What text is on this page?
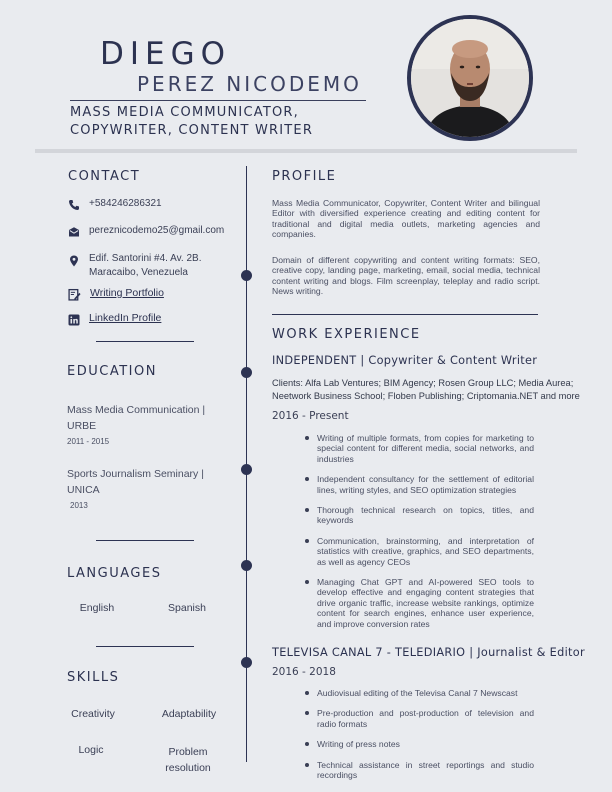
DIEGO
PEREZ NICODEMO
MASS MEDIA COMMUNICATOR,
COPYWRITER, CONTENT WRITER
CONTACT
+584246286321
pereznicodemo25@gmail.com
Edif. Santorini #4. Av. 2B.
Maracaibo, Venezuela
Writing Portfolio
LinkedIn Profile
EDUCATION
Mass Media Communication |
URBE
2011 - 2015
Sports Journalism Seminary |
UNICA
2013
LANGUAGES
English	Spanish
SKILLS
Creativity	Adaptability
Logic	Problem resolution
PROFILE
Mass Media Communicator, Copywriter, Content Writer and bilingual Editor with diversified experience creating and editing content for traditional and digital media outlets, marketing agencies and companies.
Domain of different copywriting and content writing formats: SEO, creative copy, landing page, marketing, email, social media, technical content writing and blogs. Film screenplay, teleplay and radio script. News writing.
WORK EXPERIENCE
INDEPENDENT | Copywriter & Content Writer
Clients: Alfa Lab Ventures; BIM Agency; Rosen Group LLC; Media Aurea; Neetwork Business School; Floben Publishing; Criptomania.NET and more
2016 - Present
Writing of multiple formats, from copies for marketing to special content for different media, social networks, and industries
Independent consultancy for the settlement of editorial lines, writing styles, and SEO optimization strategies
Thorough technical research on topics, titles, and keywords
Communication, brainstorming, and interpretation of statistics with creative, graphics, and SEO departments, as well as agency CEOs
Managing Chat GPT and AI-powered SEO tools to develop effective and engaging content strategies that drive organic traffic, increase website rankings, optimize content for search engines, enhance user experience, and improve conversion rates
TELEVISA CANAL 7 - TELEDIARIO | Journalist & Editor
2016 - 2018
Audiovisual editing of the Televisa Canal 7 Newscast
Pre-production and post-production of television and radio formats
Writing of press notes
Technical assistance in street reportings and studio recordings
